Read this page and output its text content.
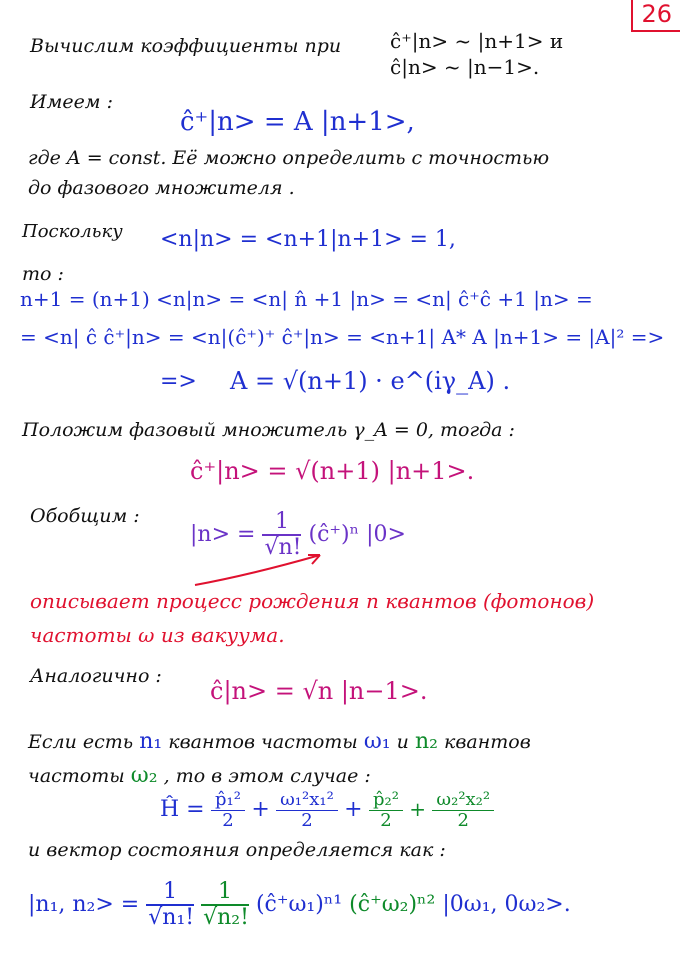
26
Вычислим коэффициенты при ĉ⁺|n> ~ |n+1> и
ĉ|n> ~ |n−1>.
Имеем :
ĉ⁺|n> = A |n+1>,
где A = const. Её можно определить с точностью
до фазового множителя .
Поскольку <n|n> = <n+1|n+1> = 1,
то :
n+1 = (n+1) <n|n> = <n| n̂ +1 |n> = <n| ĉ⁺ĉ +1 |n> =
= <n| ĉ ĉ⁺|n> = <n|(ĉ⁺)⁺ ĉ⁺|n> = <n+1| A* A |n+1> = |A|² =>
=> A = √(n+1) · e^(iγ_A) .
Положим фазовый множитель γ_A = 0, тогда :
ĉ⁺|n> = √(n+1) |n+1>.
Обобщим :
$|n> = \frac{1}{√n!}$ (ĉ⁺)ⁿ |0>
описывает процесс рождения n квантов (фотонов)
частоты ω из вакуума.
Аналогично :
ĉ|n> = √n |n−1>.
Если есть n₁ квантов частоты ω₁ и n₂ квантов
частоты ω₂ , то в этом случае :
Ĥ = $\frac{\text{p̂₁²}}{2} + \frac{\text{ω₁²x₁²}}{2} + \frac{\text{p̂₂²}}{2} + \frac{\text{ω₂²x₂²}}{2}$
и вектор состояния определяется как :
|n₁, $n_2> = \frac{1}{\text{√n₁!}}$
$\frac{1}{\text{√n₂!}}$ (ĉ⁺ω₁)ⁿ¹ (ĉ⁺ω₂)ⁿ² |0ω₁, 0ω₂>.
